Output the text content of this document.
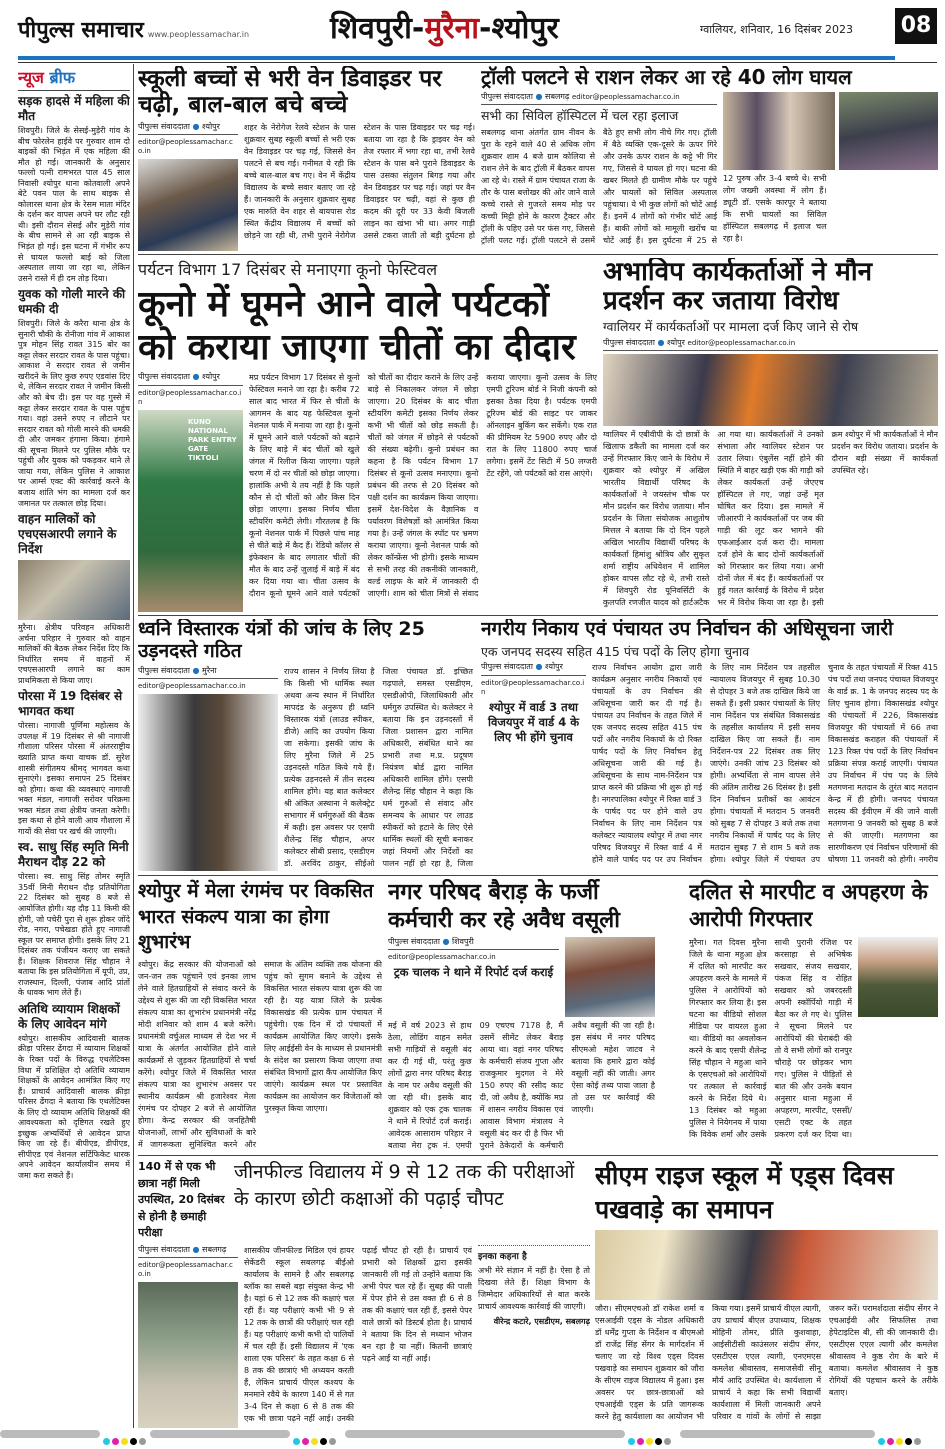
पीपुल्स समाचार www.peoplessamachar.in	शिवपुरी-मुरैना-श्योपुर	ग्वालियर, शनिवार, 16 दिसंबर 2023 08
न्यूज ब्रीफ
सड़क हादसे में महिला की मौत

शिवपुरी। जिले के सेसई-मुड़ेरी गांव के बीच फोरलेन हाईवे पर गुरुवार शाम दो बाइकों की भिड़ंत में एक महिला की मौत हो गई। जानकारी के अनुसार फल्लो पत्नी रामभरत पाल 45 साल निवासी श्योपुर थाना कोतवाली अपने बेटे पवन पाल के साथ बाइक से कोलारस थाना क्षेत्र के रेसम माता मंदिर के दर्शन कर वापस अपने घर लौट रही थी। इसी दौरान सेसई और मुड़ेरी गांव के बीच सामने से आ रही बाइक से भिड़ंत हो गई। इस घटना में गंभीर रूप से घायल फल्लो बाई को जिला अस्पताल लाया जा रहा था, लेकिन उसने रास्ते में ही दम तोड़ दिया।

युवक को गोली मारने की धमकी दी

शिवपुरी। जिले के करैरा थाना क्षेत्र के सुनारी चौकी के रोनीजा गांव में आकाश पुत्र मोहन सिंह रावत 315 बोर का कट्टा लेकर सरदार रावत के पास पहुंचा। आकाश ने सरदार रावत से जमीन खरीदने के लिए कुछ रुपए एडवांस दिए थे, लेकिन सरदार रावत ने जमीन किसी और को बेच दी। इस पर वह गुस्से में कट्टा लेकर सरदार रावत के पास पहुंच गया। वहां उसने रुपए न लौटाने पर सरदार रावत को गोली मारने की धमकी दी और जमकर हंगामा किया। हंगामे की सूचना मिलने पर पुलिस मौके पर पहुंची और युवक को पकड़कर थाने ले जाया गया, लेकिन पुलिस ने आकाश पर आर्म्स एक्ट की कार्रवाई करने के बजाय शांति भंग का मामला दर्ज कर जमानत पर तत्काल छोड़ दिया।

वाहन मालिकों को एचएसआरपी लगाने के निर्देश

मुरैना। क्षेत्रीय परिवहन अधिकारी अर्चना परिहार ने गुरुवार को वाहन मालिकों की बैठक लेकर निर्देश दिए कि निर्धारित समय में वाहनों में एचएसआरपी लगाने का काम प्राथमिकता से किया जाए।

पोरसा में 19 दिसंबर से भागवत कथा

पोरसा। नागाजी पूर्णिमा महोत्सव के उपलक्ष में 19 दिसंबर से श्री नागाजी गौशाला परिसर पोरसा में अंतरराष्ट्रीय ख्याति प्राप्त कथा वाचक डॉ. सुरेश शास्त्री संगीतमय श्रीमद् भागवत कथा सुनाएंगे। इसका समापन 25 दिसंबर को होगा। कथा की व्यवस्थाएं नागाजी भक्त मंडल, नागाजी सरोवर परिक्रमा भक्त मंडल तथा क्षेत्रीय जनता करेगी। इस कथा से होने वाली आय गौशाला में गायों की सेवा पर खर्च की जाएगी।

स्व. साधु सिंह स्मृति मिनी मैराथन दौड़ 22 को

पोरसा। स्व. साधु सिंह तोमर स्मृति 35वीं मिनी मैराथन दौड़ प्रतियोगिता 22 दिसंबर को सुबह 8 बजे से आयोजित होगी। यह दौड़ 11 किमी की होगी, जो पचेरी पुरा से शुरू होकर जोंदे रोड, नगरा, पचेखडा होते हुए नागाजी स्कूल पर समाप्त होगी। इसके लिए 21 दिसंबर तक पंजीयन कराए जा सकते हैं। शिक्षक शिवराज सिंह चौहान ने बताया कि इस प्रतियोगिता में यूपी, उप्र, राजस्थान, दिल्ली, पंजाब आदि प्रांतों के धावक भाग लेते हैं।

अतिथि व्यायाम शिक्षकों के लिए आवेदन मांगे

श्योपुर। शासकीय आदिवासी बालक क्रीड़ा परिसर ढेंगदा में व्यायाम शिक्षकों के रिक्त पदों के विरुद्ध एथलेटिक्स विधा में प्रशिक्षित दो अतिथि व्यायाम शिक्षकों के आवेदन आमंत्रित किए गए हैं। प्राचार्य आदिवासी बालक क्रीड़ा परिसर ढेंगदा ने बताया कि एथलेटिक्स के लिए दो व्यायाम अतिथि शिक्षकों की आवश्यकता को दृष्टिगत रखते हुए इच्छुक अभ्यर्थियों से आवेदन प्राप्त किए जा रहे हैं। बीपीएड, डीपीएड, सीपीएड एवं नेशनल सर्टिफिकेट धारक अपने आवेदन कार्यालयीन समय में जमा करा सकते हैं।

स्कूली बच्चों से भरी वेन डिवाइडर पर चढ़ी, बाल-बाल बचे बच्चे
पीपुल्स संवाददाता ● श्योपुर
editor@peoplessamachar.co.in
शहर के नेरोगेज रेलवे स्टेशन के पास शुक्रवार सुबह स्कूली बच्चों से भरी एक वेन डिवाइडर पर चढ़ गई, जिससे वेन पलटने से बच गई। गनीमत ये रही कि बच्चे बाल-बाल बच गए। वेन में केंद्रीय विद्यालय के बच्चे सवार बताए जा रहे हैं। जानकारी के अनुसार शुक्रवार सुबह एक मारुति वेन शहर से बायपास रोड स्थित केंद्रीय विद्यालय में बच्चों को छोड़ने जा रही थी, तभी पुराने नेरोगेज स्टेशन के पास डिवाइडर पर चढ़ गई। बताया जा रहा है कि ड्राइवर वेन को तेज रफ्तार में भगा रहा था, तभी रेलवे स्टेशन के पास बने पुराने डिवाइडर के पास उसका संतुलन बिगड़ गया और वेन डिवाइडर पर चढ़ गई। जहां पर वैन डिवाइडर पर चढ़ी, वहां से कुछ ही कदम की दूरी पर 33 केवी बिजली लाइन का खंभा भी था। अगर गाड़ी उससे टकरा जाती तो बड़ी दुर्घटना हो
ट्रॉली पलटने से राशन लेकर आ रहे 40 लोग घायल
पीपुल्स संवाददाता ● सबलगढ़ editor@peoplessamachar.co.in
सभी का सिविल हॉस्पिटल में चल रहा इलाज
सबलगढ़ थाना अंतर्गत ग्राम नीवन के पुरा के रहने वाले 40 से अधिक लोग शुक्रवार शाम 4 बजे ग्राम कोलिया से राशन लेने के बाद ट्रॉली में बैठकर वापस आ रहे थे। रास्ते में ग्राम पंचायत राजा के तौर के पास बत्तोखर की ओर जाने वाले कच्चे रास्ते से गुजरते समय मोड़ पर कच्ची मिट्टी होने के कारण ट्रैक्टर और ट्रॉली के पहिए उसे पर फंस गए, जिससे ट्रॉली पलट गई। ट्रॉली पलटने से उसमें बैठे हुए सभी लोग नीचे गिर गए। ट्रॉली में बैठे व्यक्ति एक-दूसरे के ऊपर गिरे और उनके ऊपर राशन के कट्टे भी गिर गए, जिससे वे घायल हो गए। घटना की खबर मिलते ही ग्रामीण मौके पर पहुंचे और घायलों को सिविल अस्पताल पहुंचाया। ये भी कुछ लोगों को चोटें आई हैं। इनमें 4 लोगों को गंभीर चोटें आई हैं। बाकी लोगों को मामूली खरोंच या चोटें आई हैं। इस दुर्घटना में 25 से
12 पुरुष और 3-4 बच्चे थे। सभी लोग जख्मी अवस्था में लोग हैं। ड्यूटी डॉ. एसके कारपूर ने बताया कि सभी घायलों का सिविल हॉस्पिटल सबलगढ़ में इलाज चल रहा है।
पर्यटन विभाग 17 दिसंबर से मनाएगा कूनो फेस्टिवल
कूनो में घूमने आने वाले पर्यटकों को कराया जाएगा चीतों का दीदार
पीपुल्स संवाददाता ● श्योपुर
editor@peoplessamachar.co.in
KUNO NATIONAL PARK ENTRY GATE TIKTOLI
मप्र पर्यटन विभाग 17 दिसंबर से कूनो फेस्टिवल मनाने जा रहा है। करीब 72 साल बाद भारत में फिर से चीतों के आगमन के बाद यह फेस्टिवल कूनो नेशनल पार्क में मनाया जा रहा है। कूनो में घूमने आने वाले पर्यटकों को बढ़ाने के लिए बाड़े में बंद चीतों को खुले जंगल में रिलीज किया जाएगा। पहले चरण में दो नर चीतों को छोड़ा जाएगा। हालांकि अभी ये तय नहीं है कि पहले कौन से दो चीतों को और किस दिन छोड़ा जाएगा। इसका निर्णय चीता स्टीयरिंग कमेटी लेगी। गौरतलब है कि कूनो नेशनल पार्क में पिछले पांच माह से चीते बाड़े में कैद हैं। रेडियो कॉलर से इंफेक्शन के बाद लगातार चीतों की मौत के बाद उन्हें जुलाई में बाड़े में बंद कर दिया गया था। चीता उत्सव के दौरान कूनो घूमने आने वाले पर्यटकों को चीतों का दीदार कराने के लिए उन्हें बाड़े से निकालकर जंगल में छोड़ा जाएगा। 20 दिसंबर के बाद चीता स्टीयरिंग कमेटी इसका निर्णय लेकर कभी भी चीतों को छोड़ सकती है। चीतों को जंगल में छोड़ने से पर्यटकों की संख्या बढ़ेगी। कूनो प्रबंधन का कहना है कि पर्यटन विभाग 17 दिसंबर से कूनो उत्सव मनाएगा। कूनो प्रबंधन की तरफ से 20 दिसंबर को पक्षी दर्शन का कार्यक्रम किया जाएगा। इसमें देश-विदेश के वैज्ञानिक व पर्यावरण विशेषज्ञों को आमंत्रित किया गया है। उन्हें जंगल के स्पॉट पर भ्रमण कराया जाएगा। कूनो नेशनल पार्क को लेकर कॉन्फ्रेंस भी होगी। इसके माध्यम से सभी तरह की तकनीकी जानकारी, वर्ल्ड लाइफ के बारे में जानकारी दी जाएगी। शाम को चीता मित्रों से संवाद कराया जाएगा। कूनो उत्सव के लिए एमपी टूरिज्म बोर्ड ने निजी कंपनी को इसका ठेका दिया है। पर्यटक एमपी टूरिज्म बोर्ड की साइट पर जाकर ऑनलाइन बुकिंग कर सकेंगे। एक रात की प्रीमियम रेट 5900 रुपए और दो रात के लिए 11800 रुपए चार्ज लगेगा। इसमें टेंट सिटी में 50 लग्जरी टेंट रहेंगे, जो पर्यटकों को रास आएंगे।
अभाविप कार्यकर्ताओं ने मौन प्रदर्शन कर जताया विरोध
ग्वालियर में कार्यकर्ताओं पर मामला दर्ज किए जाने से रोष
पीपुल्स संवाददाता ● श्योपुर editor@peoplessamachar.co.in
ग्वालियर में एबीवीपी के दो छात्रों के खिलाफ डकैती का मामला दर्ज कर उन्हें गिरफ्तार किए जाने के विरोध में शुक्रवार को श्योपुर में अखिल भारतीय विद्यार्थी परिषद के कार्यकर्ताओं ने जयस्तंभ चौक पर मौन प्रदर्शन कर विरोध जताया। मौन प्रदर्शन के जिला संयोजक आशुतोष मित्तल ने बताया कि दो दिन पहले अखिल भारतीय विद्यार्थी परिषद के कार्यकर्ता हिमांशु श्रोत्रिय और सुकृत शर्मा राष्ट्रीय अधिवेशन में शामिल होकर वापस लौट रहे थे, तभी रास्ते में शिवपुरी रोड यूनिवर्सिटी के कुलपति रणजीत यादव को हार्टअटैक आ गया था। कार्यकर्ताओं ने उनको संभाला और ग्वालियर स्टेशन पर उतार लिया। एंबुलेंस नहीं होने की स्थिति में बाहर खड़ी एक की गाड़ी को लेकर कार्यकर्ता उन्हें जेएएच हॉस्पिटल ले गए, जहां उन्हें मृत घोषित कर दिया। इस मामले में जीआरपी ने कार्यकर्ताओं पर जब की गाड़ी की लूट कर भागने की एफआईआर दर्ज करा दी। मामला दर्ज होने के बाद दोनों कार्यकर्ताओं को गिरफ्तार कर लिया गया। अभी दोनों जेल में बंद हैं। कार्यकर्ताओं पर हुई गलत कार्रवाई के विरोध में प्रदेश भर में विरोध किया जा रहा है। इसी क्रम श्योपुर में भी कार्यकर्ताओं ने मौन प्रदर्शन कर विरोध जताया। प्रदर्शन के दौरान बड़ी संख्या में कार्यकर्ता उपस्थित रहे।
ध्वनि विस्तारक यंत्रों की जांच के लिए 25 उड़नदस्ते गठित
पीपुल्स संवाददाता ● मुरैना
editor@peoplessamachar.co.in
राज्य शासन ने निर्णय लिया है कि किसी भी धार्मिक स्थल अथवा अन्य स्थान में निर्धारित मापदंड के अनुरूप ही ध्वनि विस्तारक यंत्रों (लाउड स्पीकर, डीजे) आदि का उपयोग किया जा सकेगा। इसकी जांच के लिए मुरैना जिले में 25 उड़नदस्ते गठित किये गये हैं। प्रत्येक उड़नदस्ते में तीन सदस्य शामिल होंगे। यह बात कलेक्टर श्री अंकित अस्थाना ने कलेक्ट्रेट सभागार में धर्मगुरुओं की बैठक में कही। इस अवसर पर एसपी शैलेन्द्र सिंह चौहान, अपर कलेक्टर सीबी प्रसाद, एसडीएम डॉ. अरविंद ठाकुर, सीईओ जिला पंचायत डॉ. इच्छित गढ़पाले, समस्त एसडीएम, एसडीओपी, जिलाधिकारी और धर्मगुरु उपस्थित थे। कलेक्टर ने बताया कि इन उड़नदस्तों में जिला प्रशासन द्वारा नामित अधिकारी, संबंधित थाने का प्रभारी तथा म.प्र. प्रदूषण नियंत्रण बोर्ड द्वारा नामित अधिकारी शामिल होंगे। एसपी शैलेन्द्र सिंह चौहान ने कहा कि धर्म गुरुओं से संवाद और समन्वय के आधार पर लाउड स्पीकरों को हटाने के लिए ऐसे धार्मिक स्थलों की सूची बनाकर जहां नियमों और निर्देशों का पालन नहीं हो रहा है, जिला
नगरीय निकाय एवं पंचायत उप निर्वाचन की अधिसूचना जारी
एक जनपद सदस्य सहित 415 पंच पदों के लिए होगा चुनाव
पीपुल्स संवाददाता ● श्योपुर
editor@peoplessamachar.co.in
श्योपुर में वार्ड 3 तथा विजयपुर में वार्ड 4 के लिए भी होंगे चुनाव
राज्य निर्वाचन आयोग द्वारा जारी कार्यक्रम अनुसार नगरीय निकायों एवं पंचायतों के उप निर्वाचन की अधिसूचना जारी कर दी गई है। पंचायत उप निर्वाचन के तहत जिले में एक जनपद सदस्य सहित 415 पंच पदों और नगरीय निकायों के दो रिक्त पार्षद पदों के लिए निर्वाचन हेतु अधिसूचना जारी की गई है। अधिसूचना के साथ नाम-निर्देशन पत्र प्राप्त करने की प्रक्रिया भी शुरू हो गई है। नगरपालिका श्योपुर में रिक्त वार्ड 3 के पार्षद पद पर होने वाले उप निर्वाचन के लिए नाम निर्देशन पत्र कलेक्टर न्यायालय श्योपुर में तथा नगर परिषद विजयपुर में रिक्त वार्ड 4 में होने वाले पार्षद पद पर उप निर्वाचन के लिए नाम निर्देशन पत्र तहसील न्यायालय विजयपुर में सुबह 10.30 से दोपहर 3 बजे तक दाखिल किये जा सकते हैं। इसी प्रकार पंचायतों के लिए नाम निर्देशन पत्र संबंधित विकासखंड के तहसील कार्यालय में इसी समय दाखिल किए जा सकते हैं। नाम निर्देशन-पत्र 22 दिसंबर तक लिए जाएंगे। उनकी जांच 23 दिसंबर को होगी। अभ्यर्थिता से नाम वापस लेने की अंतिम तारीख 26 दिसंबर है। इसी दिन निर्वाचन प्रतीकों का आवंटन होगा। पंचायतों में मतदान 5 जनवरी को सुबह 7 से दोपहर 3 बजे तक तथा नगरीय निकायों में पार्षद पद के लिए मतदान सुबह 7 से शाम 5 बजे तक होगा। श्योपुर जिले में पंचायत उप चुनाव के तहत पंचायतों में रिक्त 415 पंच पदों तथा जनपद पंचायत विजयपुर के वार्ड क्र. 1 के जनपद सदस्य पद के लिए चुनाव होगा। विकासखंड श्योपुर की पंचायतों में 226, विकासखंड विजयपुर की पंचायतों में 66 तथा विकासखंड कराहल की पंचायतों में 123 रिक्त पंच पदों के लिए निर्वाचन प्रक्रिया संपन्न कराई जाएगी। पंचायत उप निर्वाचन में पंच पद के लिये मतगणना मतदान के तुरंत बाद मतदान केन्द्र में ही होगी। जनपद पंचायत सदस्य की ईवीएम में की जाने वाली मतगणना 9 जनवरी को सुबह 8 बजे से की जाएगी। मतगणना का सारणीकरण एवं निर्वाचन परिणामों की घोषणा 11 जनवरी को होगी। नगरीय
श्योपुर में मेला रंगमंच पर विकसित भारत संकल्प यात्रा का होगा शुभारंभ
श्योपुर। केंद्र सरकार की योजनाओं को जन-जन तक पहुंचाने एवं इनका लाभ लेने वाले हितग्राहियों से संवाद करने के उद्देश्य से शुरू की जा रही विकसित भारत संकल्प यात्रा का शुभारंभ प्रधानमंत्री नरेंद्र मोदी शनिवार को शाम 4 बजे करेंगे। प्रधानमंत्री वर्चुअल माध्यम से देश भर में यात्रा के अंतर्गत आयोजित होने वाले कार्यक्रमों से जुड़कर हितग्राहियों से चर्चा करेंगे। श्योपुर जिले में विकसित भारत संकल्प यात्रा का शुभारंभ अवसर पर स्थानीय कार्यक्रम श्री हजारेश्वर मेला रंगमंच पर दोपहर 2 बजे से आयोजित होगा। केन्द्र सरकार की जनहितैषी योजनाओं, लाभों और सुविधाओं के बारे में जागरूकता सुनिश्चित करने और समाज के अंतिम व्यक्ति तक योजना की पहुंच को सुगम बनाने के उद्देश्य से विकसित भारत संकल्प यात्रा शुरू की जा रही है। यह यात्रा जिले के प्रत्येक विकासखंड की प्रत्येक ग्राम पंचायत में पहुंचेगी। एक दिन में दो पंचायतों में कार्यक्रम आयोजित किए जाएंगे। इसके लिए आईईसी वेन के माध्यम से प्रधानमंत्री के संदेश का प्रसारण किया जाएगा तथा संबंधित विभागों द्वारा कैंप आयोजित किए जाएंगे। कार्यक्रम स्थल पर प्रस्तावित कार्यक्रम का आयोजन कर विजेताओं को पुरस्कृत किया जाएगा।
नगर परिषद बैराड़ के फर्जी कर्मचारी कर रहे अवैध वसूली
पीपुल्स संवाददाता ● शिवपुरी
editor@peoplessamachar.co.in
ट्रक चालक ने थाने में रिपोर्ट दर्ज कराई
मई में वर्ष 2023 से हाथ ठेला, लोडिंग वाहन समेत सभी गाड़ियों से वसूली बंद कर दी गई थी, परंतु कुछ लोगों द्वारा नगर परिषद बैराड़ के नाम पर अवैध वसूली की जा रही थी। इसके बाद शुक्रवार को एक ट्रक चालक ने थाने में रिपोर्ट दर्ज कराई। आवेदक आसाराम परिहार ने बताया मेरा ट्रक नं. एमपी 09 एचएच 7178 है, मैं उसमें सीमेंट लेकर बैराड़ आया था। वहां नगर परिषद के कर्मचारी संजय गुप्ता और राजकुमार मुदगल ने मेरे 150 रुपए की रसीद काट दी, जो अवैध है, क्योंकि मप्र में शासन नगरीय विकास एवं आवास विभाग मंत्रालय ने वसूली बंद कर दी है फिर भी पुराने ठेकेदारों के कर्मचारी अवैध वसूली की जा रही है। इस संबंध में नगर परिषद सीएमओ महेश जाटव ने बताया कि हमारे द्वारा कोई वसूली नहीं की जाती। अगर ऐसा कोई तथ्य पाया जाता है तो उस पर कार्रवाई की जाएगी।
दलित से मारपीट व अपहरण के आरोपी गिरफ्तार
मुरैना। गत दिवस मुरैना जिले के थाना महुआ क्षेत्र में दलित को मारपीट कर अपहरण करने के मामले में पुलिस ने आरोपियों को गिरफ्तार कर लिया है। इस घटना का वीडियो सोशल मीडिया पर वायरल हुआ था। वीडियो का अवलोकन करने के बाद एसपी शैलेन्द्र सिंह चौहान ने महुआ थाने के एसएचओ को आरोपियों पर तत्काल से कार्रवाई करने के निर्देश दिये थे। 13 दिसंबर को महुआ पुलिस ने नियेगनय में पाया कि विवेक शर्मा और उसके साथी पुरानी रंजिश पर करसाहा से अभिषेक सखवार, संजय सखवार, पंकज सिंह व रोहित सखवार को जबरदस्ती अपनी स्कॉर्पियो गाड़ी में बैठा कर ले गए थे। पुलिस ने सूचना मिलने पर आरोपियों की घेराबंदी की तो वे सभी लोगों को रानपुर चौराहे पर छोड़कर भाग गए। पुलिस ने पीड़ितों से बात की और उनके बयान अनुसार थाना महुआ में अपहरण, मारपीट, एससी/एसटी एक्ट के तहत प्रकरण दर्ज कर दिया था।
140 में से एक भी छात्रा नहीं मिली उपस्थित, 20 दिसंबर से होनी है छमाही परीक्षा
जीनफील्ड विद्यालय में 9 से 12 तक की परीक्षाओं के कारण छोटी कक्षाओं की पढ़ाई चौपट
पीपुल्स संवाददाता ● सबलगढ़
editor@peoplessamachar.co.in
शासकीय जीनफील्ड मिडिल एवं हायर सेकेंडरी स्कूल सबलगढ़ बीईओ कार्यालय के सामने है और सबलगढ़ ब्लॉक का सबसे बड़ा संयुक्त केन्द्र भी है। यहां 6 से 12 तक की कक्षाएं चल रही हैं। यह परीक्षाएं कभी भी 9 से 12 तक के छात्रों की परीक्षाएं चल रही हैं। यह परीक्षाएं कभी कभी दो पालियों में चल रही हैं। इसी विद्यालय में 'एक शाला एक परिसर' के तहत कक्षा 6 से 8 तक की छात्राएं भी अध्ययन करती हैं, लेकिन प्राचार्य पीएल कश्यप के मनमाने रवैये के कारण 140 में से गत 3-4 दिन से कक्षा 6 से 8 तक की एक भी छात्रा पढ़ने नहीं आई। उनकी पढ़ाई चौपट हो रही है। प्राचार्य एवं प्रभारी को शिक्षकों द्वारा इसकी जानकारी ली गई तो उन्होंने बताया कि अभी पेपर चल रहे हैं। सुबह की पाली में पेपर होने से उस वक्त ही 6 से 8 तक की कक्षाएं चल रही हैं, इससे पेपर वाले छात्रों को डिस्टर्ब होता है। प्राचार्य ने बताया कि दिन से मध्यान भोजन बन रहा है या नहीं। कितनी छात्राएं पढ़ने आईं या नहीं आईं।
इनका कहना है
अभी मेरे संज्ञान में नहीं है। ऐसा है तो दिखवा लेते हैं। शिक्षा विभाग के जिम्मेदार अधिकारियों से बात करके प्राचार्य आवश्यक कार्रवाई की जाएगी।
वीरेन्द्र कटारे, एसडीएम, सबलगढ़
सीएम राइज स्कूल में एड्स दिवस पखवाड़े का समापन
जौरा। सीएमएचओ डॉ राकेश शर्मा व एसआईवी एड्स के नोडल अधिकारी डॉ धर्मेंद्र गुप्ता के निर्देशन व बीएमओ डॉ राजेंद्र सिंह सेंगर के मार्गदर्शन में चलाए जा रहे विश्व एड्स दिवस पखवाड़े का समापन शुक्रवार को जौरा के सीएम राइज विद्यालय में हुआ। इस अवसर पर छात्र-छात्राओं को एचआईवी एड्स के प्रति जागरूक करने हेतु कार्यशाला का आयोजन भी किया गया। इसमें प्राचार्य वीएल त्यागी, उप प्राचार्य बीएल उपाध्याय, शिक्षक मोहिनी तोमर, प्रीति कुशवाहा, आईसीटीसी काउंसलर संदीप सेंगर, एसटीएस एएल त्यागी, एनएमएस कमलेश श्रीवास्तव, समाजसेवी सीनू मौर्य आदि उपस्थित थे। कार्यशाला में प्राचार्य ने कहा कि सभी विद्यार्थी कार्यशाला में मिली जानकारी अपने परिवार व गांवों के लोगों से साझा जरूर करें। परामर्शदाता संदीप सेंगर ने एचआईवी और सिफलिस तथा हेपेटाइटिस बी, सी की जानकारी दी। एसटीएस एएल त्यागी और कमलेश श्रीवास्तव ने कुष्ठ रोग के बारे में बताया। कमलेश श्रीवास्तव ने कुष्ठ रोगियों की पहचान करने के तरीके बताए।
